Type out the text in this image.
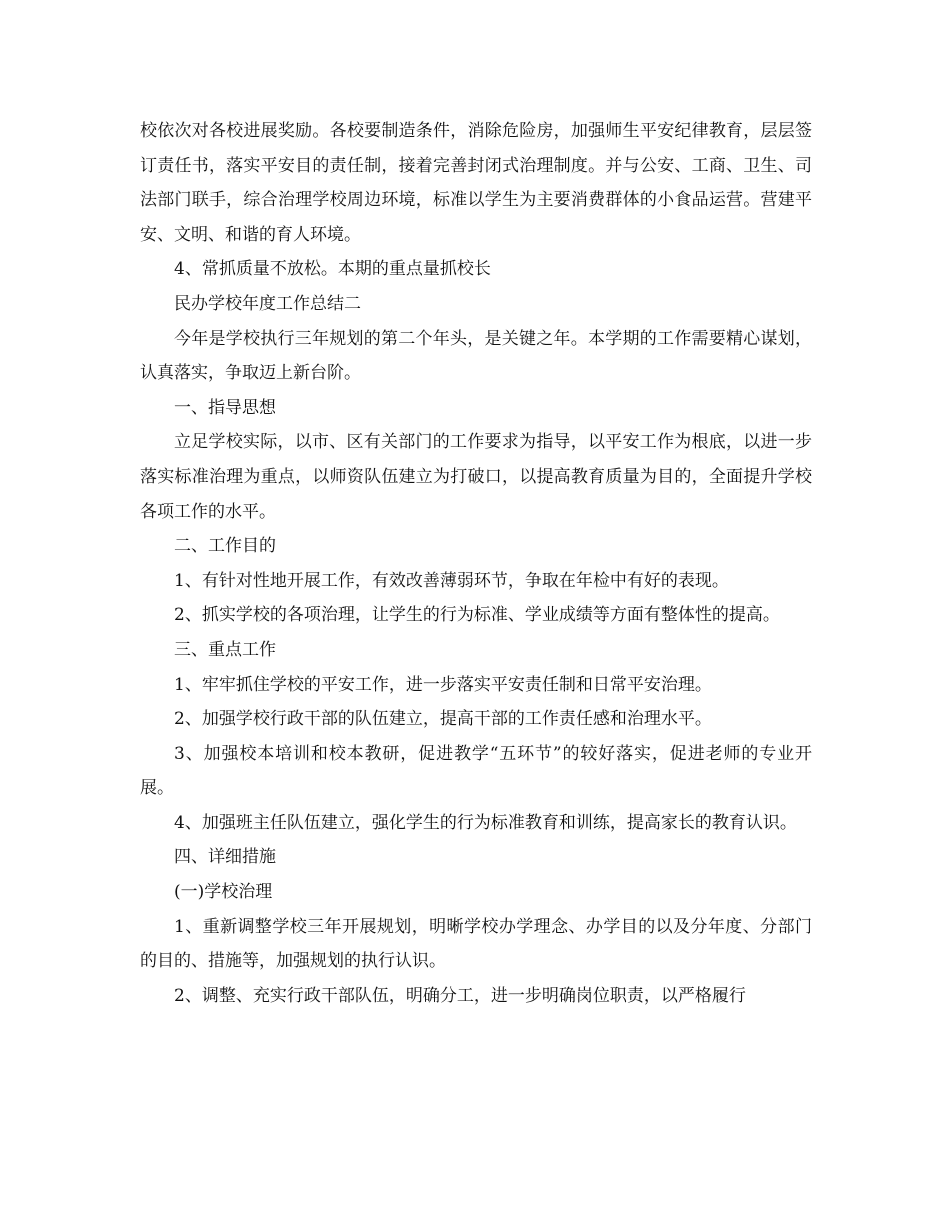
校依次对各校进展奖励。各校要制造条件，消除危险房，加强师生平安纪律教育，层层签订责任书，落实平安目的责任制，接着完善封闭式治理制度。并与公安、工商、卫生、司法部门联手，综合治理学校周边环境，标准以学生为主要消费群体的小食品运营。营建平安、文明、和谐的育人环境。

4、常抓质量不放松。本期的重点量抓校长

民办学校年度工作总结二

今年是学校执行三年规划的第二个年头，是关键之年。本学期的工作需要精心谋划，认真落实，争取迈上新台阶。

一、指导思想

立足学校实际，以市、区有关部门的工作要求为指导，以平安工作为根底，以进一步落实标准治理为重点，以师资队伍建立为打破口，以提高教育质量为目的，全面提升学校各项工作的水平。

二、工作目的

1、有针对性地开展工作，有效改善薄弱环节，争取在年检中有好的表现。

2、抓实学校的各项治理，让学生的行为标准、学业成绩等方面有整体性的提高。

三、重点工作

1、牢牢抓住学校的平安工作，进一步落实平安责任制和日常平安治理。

2、加强学校行政干部的队伍建立，提高干部的工作责任感和治理水平。

3、加强校本培训和校本教研，促进教学“五环节”的较好落实，促进老师的专业开展。

4、加强班主任队伍建立，强化学生的行为标准教育和训练，提高家长的教育认识。

四、详细措施

(一)学校治理

1、重新调整学校三年开展规划，明晰学校办学理念、办学目的以及分年度、分部门的目的、措施等，加强规划的执行认识。

2、调整、充实行政干部队伍，明确分工，进一步明确岗位职责，以严格履行
